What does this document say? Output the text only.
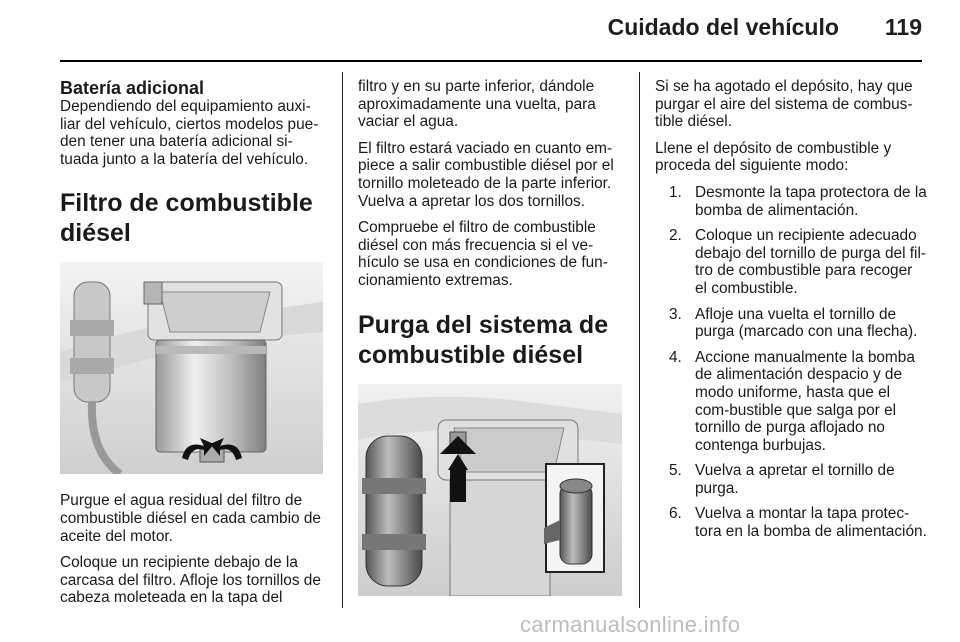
Cuidado del vehículo 119
Batería adicional

Dependiendo del equipamiento auxi-liar del vehículo, ciertos modelos pue-den tener una batería adicional si-tuada junto a la batería del vehículo.

Filtro de combustible diésel

Purgue el agua residual del filtro de combustible diésel en cada cambio de aceite del motor.

Coloque un recipiente debajo de la carcasa del filtro. Afloje los tornillos de cabeza moleteada en la tapa del

filtro y en su parte inferior, dándole aproximadamente una vuelta, para vaciar el agua.

El filtro estará vaciado en cuanto em-piece a salir combustible diésel por el tornillo moleteado de la parte inferior. Vuelva a apretar los dos tornillos.

Compruebe el filtro de combustible diésel con más frecuencia si el ve-hículo se usa en condiciones de fun-cionamiento extremas.

Purga del sistema de combustible diésel

Si se ha agotado el depósito, hay que purgar el aire del sistema de combus-tible diésel.

Llene el depósito de combustible y proceda del siguiente modo:

1. Desmonte la tapa protectora de la bomba de alimentación.
2. Coloque un recipiente adecuado debajo del tornillo de purga del fil-tro de combustible para recoger el combustible.
3. Afloje una vuelta el tornillo de purga (marcado con una flecha).
4. Accione manualmente la bomba de alimentación despacio y de modo uniforme, hasta que el com-bustible que salga por el tornillo de purga aflojado no contenga burbujas.
5. Vuelva a apretar el tornillo de purga.
6. Vuelva a montar la tapa protec-tora en la bomba de alimentación.
carmanualsonline.info
